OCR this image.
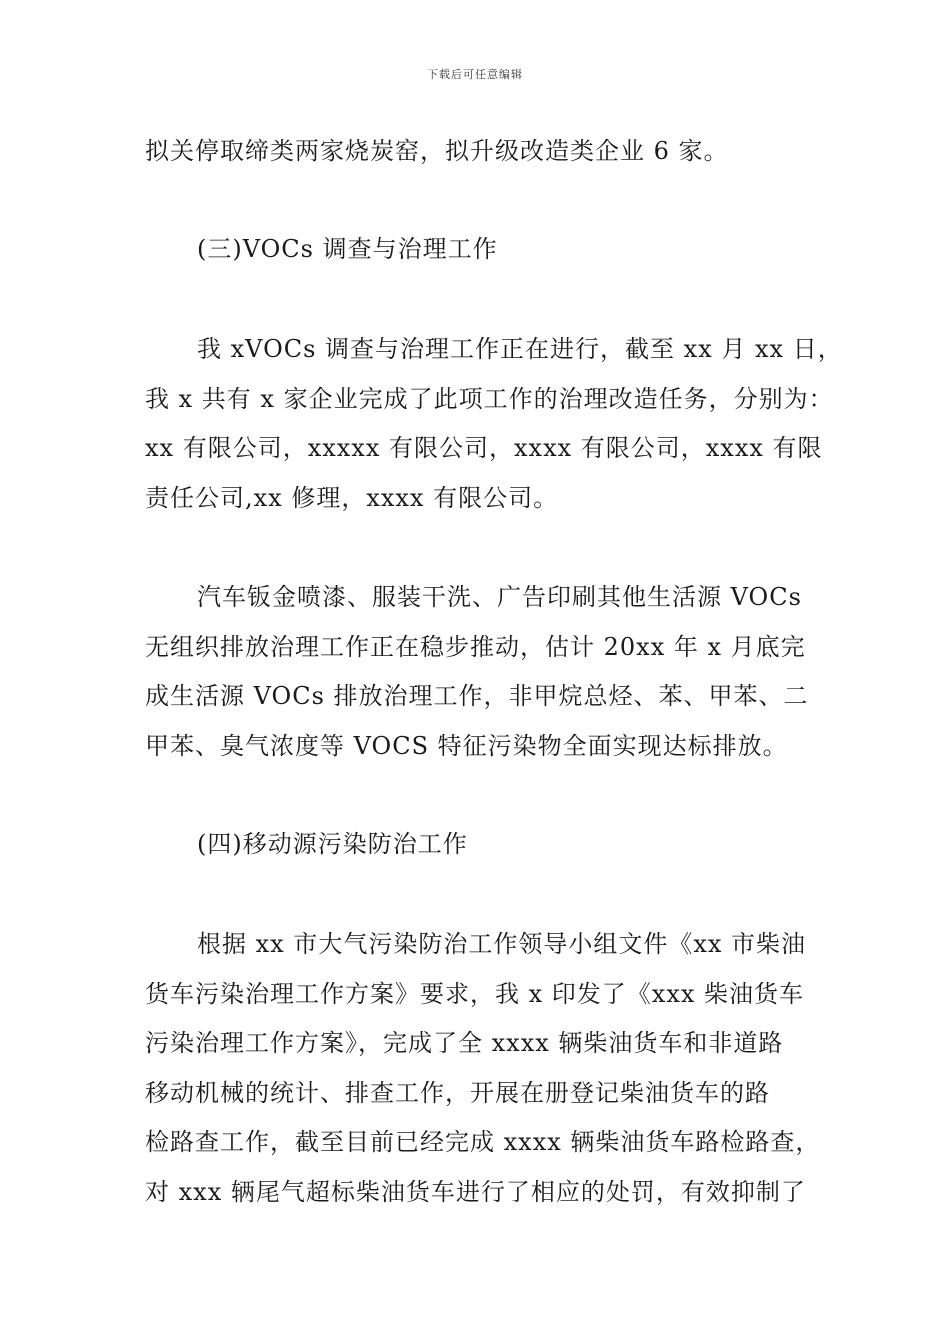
下载后可任意编辑
拟关停取缔类两家烧炭窑，拟升级改造类企业 6 家。
(三)VOCs 调查与治理工作
我 xVOCs 调查与治理工作正在进行，截至 xx 月 xx 日，
我 x 共有 x 家企业完成了此项工作的治理改造任务，分别为：
xx 有限公司，xxxxx 有限公司，xxxx 有限公司，xxxx 有限
责任公司,xx 修理，xxxx 有限公司。
汽车钣金喷漆、服装干洗、广告印刷其他生活源 VOCs
无组织排放治理工作正在稳步推动，估计 20xx 年 x 月底完
成生活源 VOCs 排放治理工作，非甲烷总烃、苯、甲苯、二
甲苯、臭气浓度等 VOCS 特征污染物全面实现达标排放。
(四)移动源污染防治工作
根据 xx 市大气污染防治工作领导小组文件《xx 市柴油
货车污染治理工作方案》要求，我 x 印发了《xxx 柴油货车
污染治理工作方案》，完成了全 xxxx 辆柴油货车和非道路
移动机械的统计、排查工作，开展在册登记柴油货车的路
检路查工作，截至目前已经完成 xxxx 辆柴油货车路检路查，
对 xxx 辆尾气超标柴油货车进行了相应的处罚，有效抑制了
